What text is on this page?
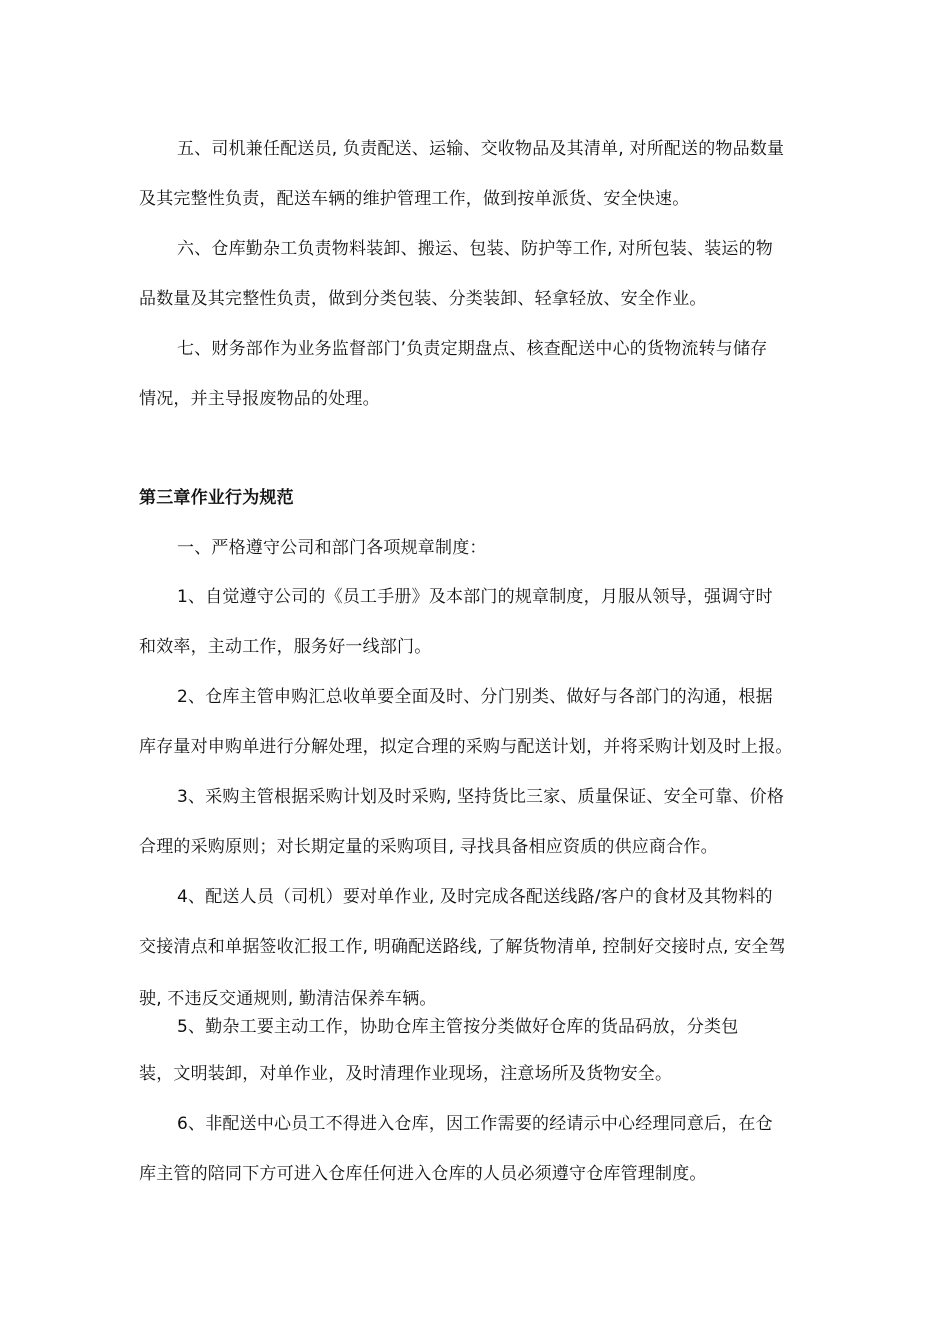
五、司机兼任配送员, 负责配送、运输、交收物品及其清单, 对所配送的物品数量
及其完整性负责，配送车辆的维护管理工作，做到按单派货、安全快速。
六、仓库勤杂工负责物料装卸、搬运、包装、防护等工作, 对所包装、装运的物
品数量及其完整性负责，做到分类包装、分类装卸、轻拿轻放、安全作业。
七、财务部作为业务监督部门’负责定期盘点、核查配送中心的货物流转与储存
情况，并主导报废物品的处理。
第三章作业行为规范
一、严格遵守公司和部门各项规章制度：
1、自觉遵守公司的《员工手册》及本部门的规章制度，月服从领导，强调守时
和效率，主动工作，服务好一线部门。
2、仓库主管申购汇总收单要全面及时、分门别类、做好与各部门的沟通，根据
库存量对申购单进行分解处理，拟定合理的采购与配送计划，并将采购计划及时上报。
3、采购主管根据采购计划及时采购, 坚持货比三家、质量保证、安全可靠、价格
合理的采购原则；对长期定量的采购项目, 寻找具备相应资质的供应商合作。
4、配送人员（司机）要对单作业, 及时完成各配送线路/客户的食材及其物料的
交接清点和单据签收汇报工作, 明确配送路线, 了解货物清单, 控制好交接时点, 安全驾
驶, 不违反交通规则, 勤清洁保养车辆。
5、勤杂工要主动工作，协助仓库主管按分类做好仓库的货品码放，分类包
装，文明装卸，对单作业，及时清理作业现场，注意场所及货物安全。
6、非配送中心员工不得进入仓库，因工作需要的经请示中心经理同意后，在仓
库主管的陪同下方可进入仓库任何进入仓库的人员必须遵守仓库管理制度。
